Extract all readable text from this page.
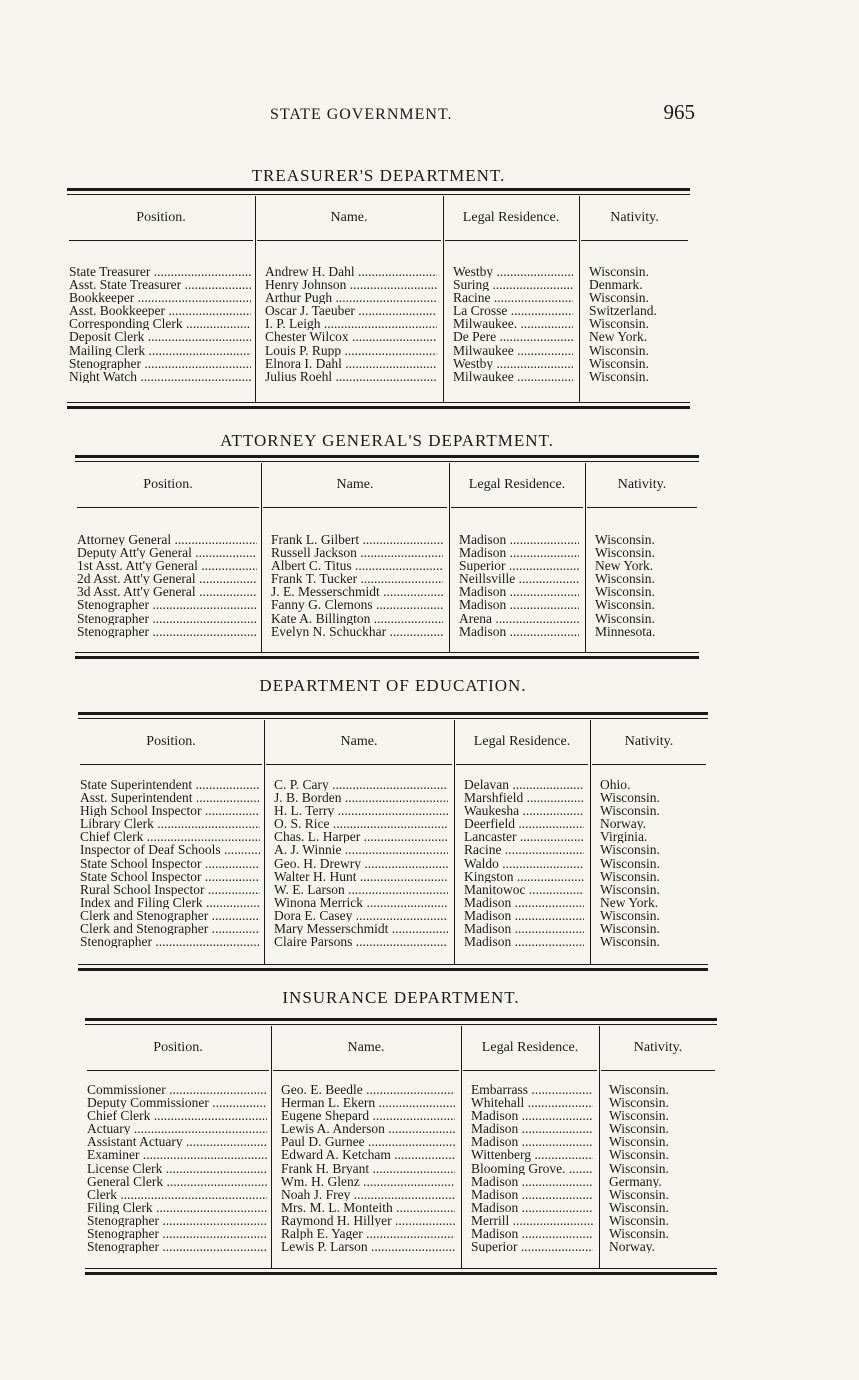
STATE GOVERNMENT.	965
TREASURER'S DEPARTMENT.
Position.
State Treasurer .....
Asst. State Treasurer .....
Bookkeeper .....
Asst. Bookkeeper .....
Corresponding Clerk .....
Deposit Clerk .....
Mailing Clerk .....
Stenographer .....
Night Watch .....
Name.
Andrew H. Dahl .....
Henry Johnson .....
Arthur Pugh .....
Oscar J. Taeuber .....
I. P. Leigh .....
Chester Wilcox .....
Louis P. Rupp .....
Elnora I. Dahl .....
Julius Roehl .....
Legal Residence.
Westby .....
Suring .....
Racine .....
La Crosse .....
Milwaukee. .....
De Pere .....
Milwaukee .....
Westby .....
Milwaukee .....
Nativity.
Wisconsin.
Denmark.
Wisconsin.
Switzerland.
Wisconsin.
New York.
Wisconsin.
Wisconsin.
Wisconsin.
ATTORNEY GENERAL'S DEPARTMENT.
Position.
Attorney General .....
Deputy Att'y General .....
1st Asst. Att'y General .....
2d Asst. Att'y General .....
3d Asst. Att'y General .....
Stenographer .....
Stenographer .....
Stenographer .....
Name.
Frank L. Gilbert .....
Russell Jackson .....
Albert C. Titus .....
Frank T. Tucker .....
J. E. Messerschmidt .....
Fanny G. Clemons .....
Kate A. Billington .....
Evelyn N. Schuckhar .....
Legal Residence.
Madison .....
Madison .....
Superior .....
Neillsville .....
Madison .....
Madison .....
Arena .....
Madison .....
Nativity.
Wisconsin.
Wisconsin.
New York.
Wisconsin.
Wisconsin.
Wisconsin.
Wisconsin.
Minnesota.
DEPARTMENT OF EDUCATION.
Position.
State Superintendent .....
Asst. Superintendent .....
High School Inspector .....
Library Clerk .....
Chief Clerk .....
Inspector of Deaf Schools .....
State School Inspector .....
State School Inspector .....
Rural School Inspector .....
Index and Filing Clerk .....
Clerk and Stenographer .....
Clerk and Stenographer .....
Stenographer .....
Name.
C. P. Cary .....
J. B. Borden .....
H. L. Terry .....
O. S. Rice .....
Chas. L. Harper .....
A. J. Winnie .....
Geo. H. Drewry .....
Walter H. Hunt .....
W. E. Larson .....
Winona Merrick .....
Dora E. Casey .....
Mary Messerschmidt .....
Claire Parsons .....
Legal Residence.
Delavan .....
Marshfield .....
Waukesha .....
Deerfield .....
Lancaster .....
Racine .....
Waldo .....
Kingston .....
Manitowoc .....
Madison .....
Madison .....
Madison .....
Madison .....
Nativity.
Ohio.
Wisconsin.
Wisconsin.
Norway.
Virginia.
Wisconsin.
Wisconsin.
Wisconsin.
Wisconsin.
New York.
Wisconsin.
Wisconsin.
Wisconsin.
INSURANCE DEPARTMENT.
Position.
Commissioner .....
Deputy Commissioner .....
Chief Clerk .....
Actuary .....
Assistant Actuary .....
Examiner .....
License Clerk .....
General Clerk .....
Clerk .....
Filing Clerk .....
Stenographer .....
Stenographer .....
Stenographer .....
Name.
Geo. E. Beedle .....
Herman L. Ekern .....
Eugene Shepard .....
Lewis A. Anderson .....
Paul D. Gurnee .....
Edward A. Ketcham .....
Frank H. Bryant .....
Wm. H. Glenz .....
Noah J. Frey .....
Mrs. M. L. Monteith .....
Raymond H. Hillyer .....
Ralph E. Yager .....
Lewis P. Larson .....
Legal Residence.
Embarrass .....
Whitehall .....
Madison .....
Madison .....
Madison .....
Wittenberg .....
Blooming Grove. .....
Madison .....
Madison .....
Madison .....
Merrill .....
Madison .....
Superior .....
Nativity.
Wisconsin.
Wisconsin.
Wisconsin.
Wisconsin.
Wisconsin.
Wisconsin.
Wisconsin.
Germany.
Wisconsin.
Wisconsin.
Wisconsin.
Wisconsin.
Norway.
